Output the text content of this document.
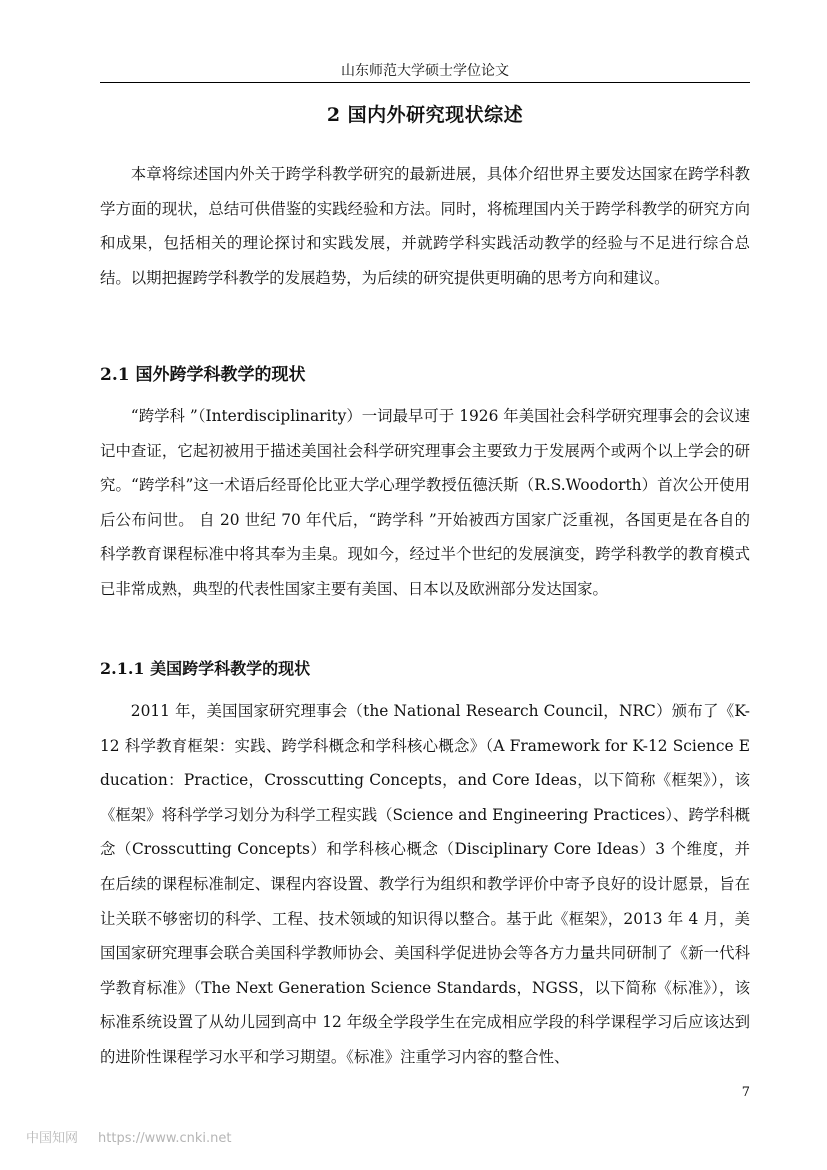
山东师范大学硕士学位论文
2 国内外研究现状综述

本章将综述国内外关于跨学科教学研究的最新进展，具体介绍世界主要发达国家在跨学科教学方面的现状，总结可供借鉴的实践经验和方法。同时，将梳理国内关于跨学科教学的研究方向和成果，包括相关的理论探讨和实践发展，并就跨学科实践活动教学的经验与不足进行综合总结。以期把握跨学科教学的发展趋势，为后续的研究提供更明确的思考方向和建议。

2.1 国外跨学科教学的现状

“跨学科 ”（Interdisciplinarity）一词最早可于 1926 年美国社会科学研究理事会的会议速记中查证，它起初被用于描述美国社会科学研究理事会主要致力于发展两个或两个以上学会的研究。“跨学科”这一术语后经哥伦比亚大学心理学教授伍德沃斯（R.S.Woodorth）首次公开使用后公布问世。 自 20 世纪 70 年代后，“跨学科 ”开始被西方国家广泛重视，各国更是在各自的科学教育课程标准中将其奉为圭臬。现如今，经过半个世纪的发展演变，跨学科教学的教育模式已非常成熟，典型的代表性国家主要有美国、日本以及欧洲部分发达国家。

2.1.1 美国跨学科教学的现状

2011 年，美国国家研究理事会（the National Research Council，NRC）颁布了《K-12 科学教育框架：实践、跨学科概念和学科核心概念》（A Framework for K-12 Science Education：Practice，Crosscutting Concepts，and Core Ideas，以下简称《框架》），该《框架》将科学学习划分为科学工程实践（Science and Engineering Practices）、跨学科概念（Crosscutting Concepts）和学科核心概念（Disciplinary Core Ideas）3 个维度，并在后续的课程标准制定、课程内容设置、教学行为组织和教学评价中寄予良好的设计愿景，旨在让关联不够密切的科学、工程、技术领域的知识得以整合。基于此《框架》，2013 年 4 月，美国国家研究理事会联合美国科学教师协会、美国科学促进协会等各方力量共同研制了《新一代科学教育标准》（The Next Generation Science Standards，NGSS，以下简称《标准》），该标准系统设置了从幼儿园到高中 12 年级全学段学生在完成相应学段的科学课程学习后应该达到的进阶性课程学习水平和学习期望。《标准》注重学习内容的整合性、

7
中国知网 https://www.cnki.net
